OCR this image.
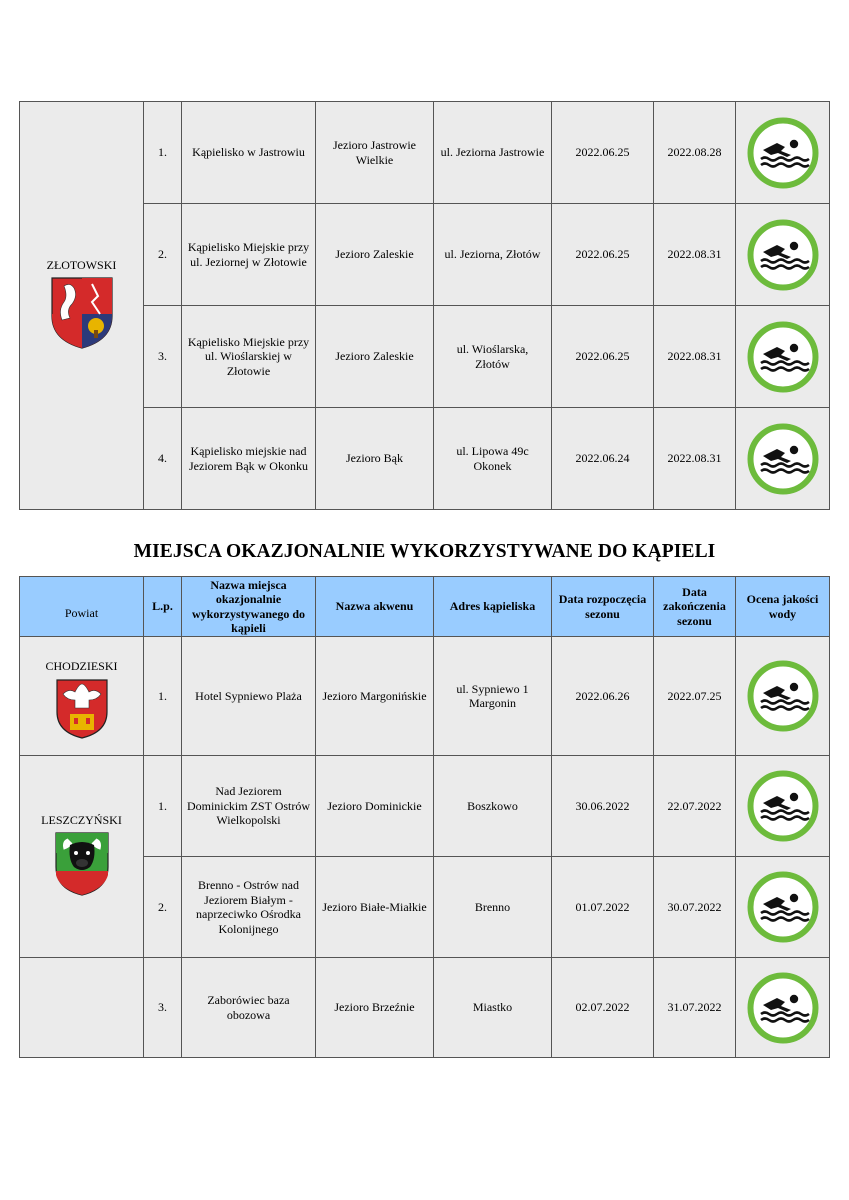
ZŁOTOWSKI	1.	Kąpielisko w Jastrowiu	Jezioro Jastrowie Wielkie	ul. Jeziorna Jastrowie	2022.06.25	2022.08.28	

	2.	Kąpielisko Miejskie przy ul. Jeziornej w Złotowie	Jezioro Zaleskie	ul. Jeziorna, Złotów	2022.06.25	2022.08.31	

	3.	Kąpielisko Miejskie przy ul. Wioślarskiej w Złotowie	Jezioro Zaleskie	ul. Wioślarska, Złotów	2022.06.25	2022.08.31	

	4.	Kąpielisko miejskie nad Jeziorem Bąk w Okonku	Jezioro Bąk	ul. Lipowa 49c Okonek	2022.06.24	2022.08.31	
MIEJSCA OKAZJONALNIE WYKORZYSTYWANE DO KĄPIELI
Powiat	L.p.	Nazwa miejsca okazjonalnie wykorzystywanego do kąpieli	Nazwa akwenu	Adres kąpieliska	Data rozpoczęcia sezonu	Data zakończenia sezonu	Ocena jakości wody

CHODZIESKI	1.	Hotel Sypniewo Plaża	Jezioro Margonińskie	ul. Sypniewo 1 Margonin	2022.06.26	2022.07.25	

LESZCZYŃSKI	1.	Nad Jeziorem Dominickim ZST Ostrów Wielkopolski	Jezioro Dominickie	Boszkowo	30.06.2022	22.07.2022	

	2.	Brenno - Ostrów nad Jeziorem Białym - naprzeciwko Ośrodka Kolonijnego	Jezioro Białe-Miałkie	Brenno	01.07.2022	30.07.2022	

	3.	Zaborówiec baza obozowa	Jezioro Brzeźnie	Miastko	02.07.2022	31.07.2022	
